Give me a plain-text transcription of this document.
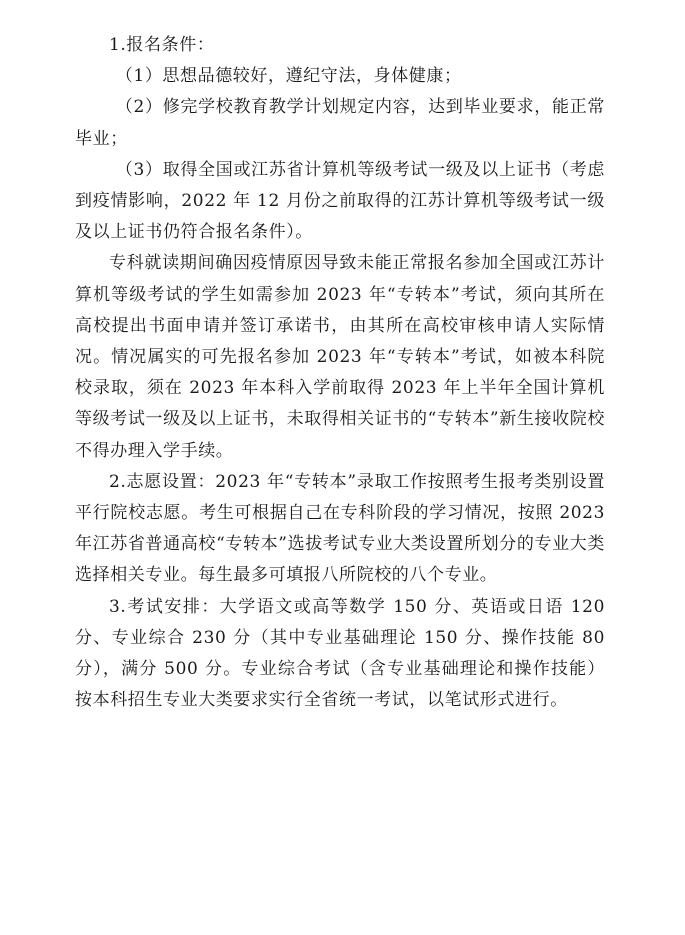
1.报名条件：

（1）思想品德较好，遵纪守法，身体健康；

（2）修完学校教育教学计划规定内容，达到毕业要求，能正常毕业；

（3）取得全国或江苏省计算机等级考试一级及以上证书（考虑到疫情影响，2022 年 12 月份之前取得的江苏计算机等级考试一级及以上证书仍符合报名条件）。

专科就读期间确因疫情原因导致未能正常报名参加全国或江苏计算机等级考试的学生如需参加 2023 年“专转本”考试，须向其所在高校提出书面申请并签订承诺书，由其所在高校审核申请人实际情况。情况属实的可先报名参加 2023 年“专转本”考试，如被本科院校录取，须在 2023 年本科入学前取得 2023 年上半年全国计算机等级考试一级及以上证书，未取得相关证书的“专转本”新生接收院校不得办理入学手续。

2.志愿设置：2023 年“专转本”录取工作按照考生报考类别设置平行院校志愿。考生可根据自己在专科阶段的学习情况，按照 2023 年江苏省普通高校“专转本”选拔考试专业大类设置所划分的专业大类选择相关专业。每生最多可填报八所院校的八个专业。

3.考试安排：大学语文或高等数学 150 分、英语或日语 120 分、专业综合 230 分（其中专业基础理论 150 分、操作技能 80 分），满分 500 分。专业综合考试（含专业基础理论和操作技能）按本科招生专业大类要求实行全省统一考试，以笔试形式进行。
